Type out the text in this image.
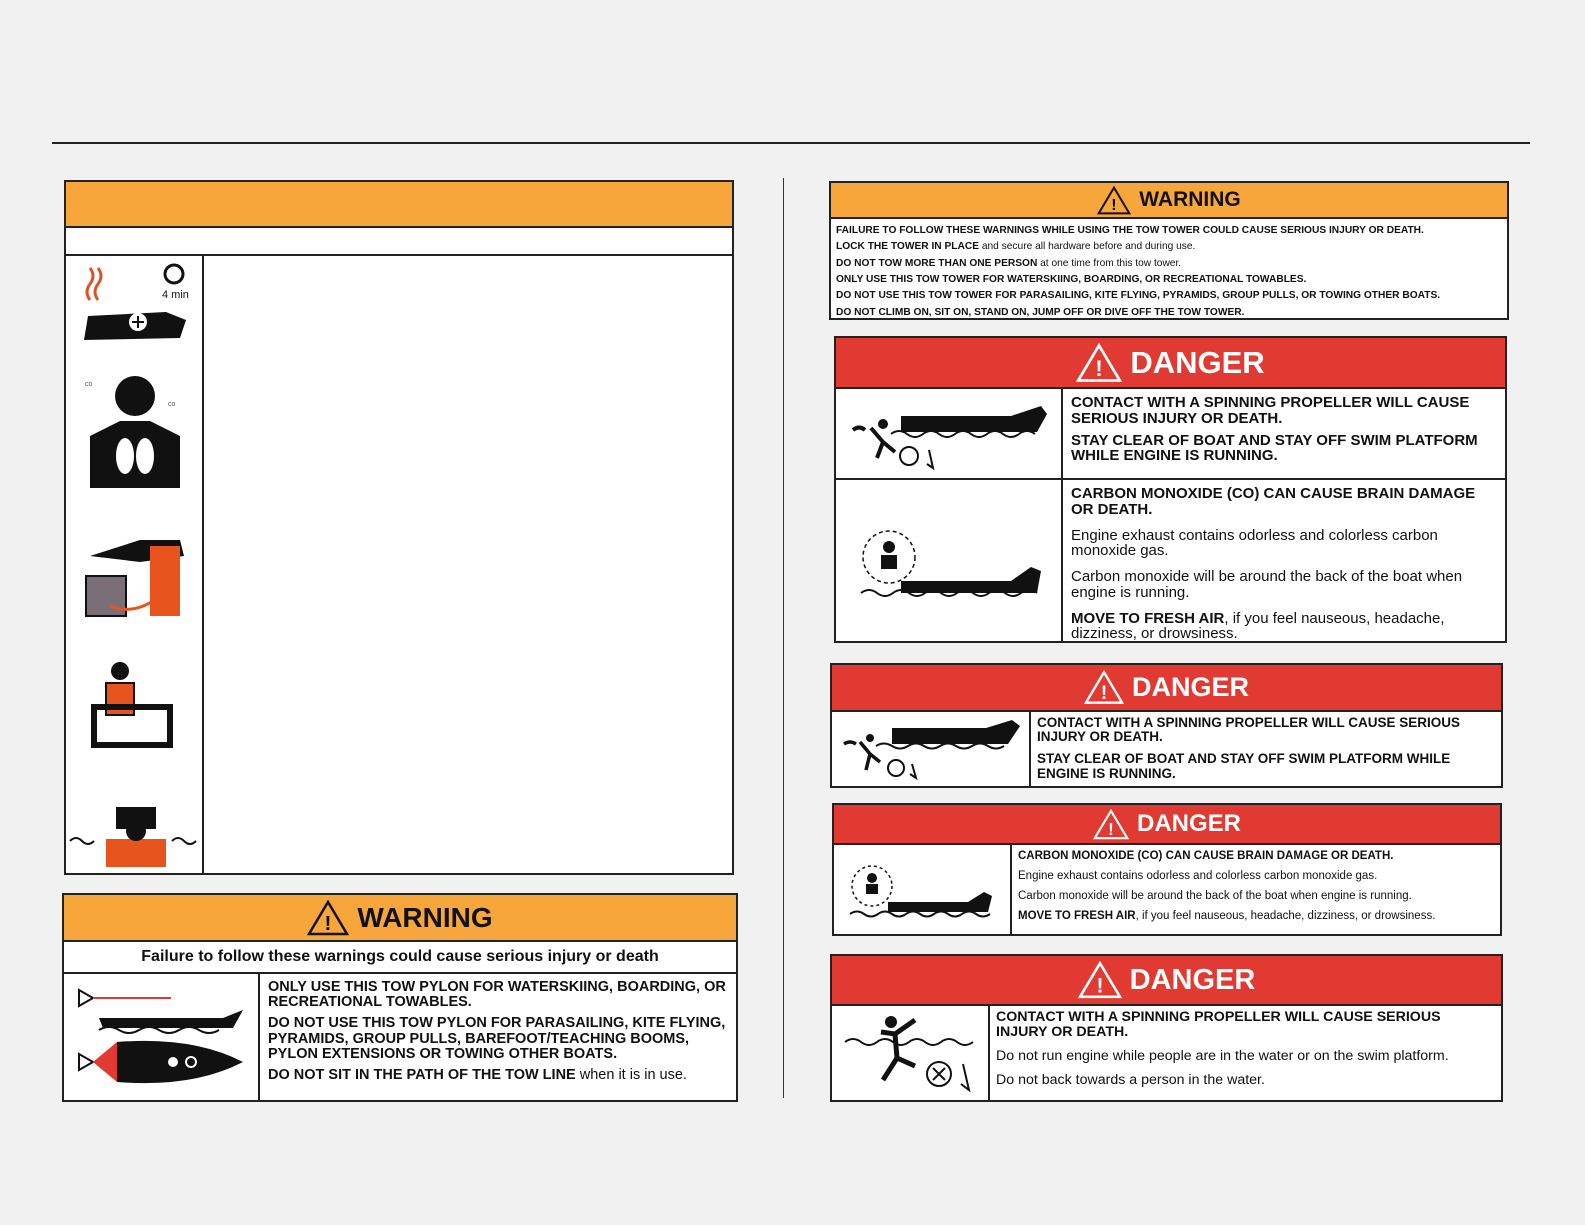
4 min
co
co
! WARNING
Failure to follow these warnings could cause serious injury or death

ONLY USE THIS TOW PYLON FOR WATERSKIING, BOARDING, OR RECREATIONAL TOWABLES.

DO NOT USE THIS TOW PYLON FOR PARASAILING, KITE FLYING, PYRAMIDS, GROUP PULLS, BAREFOOT/TEACHING BOOMS, PYLON EXTENSIONS OR TOWING OTHER BOATS.

DO NOT SIT IN THE PATH OF THE TOW LINE when it is in use.

! WARNING
FAILURE TO FOLLOW THESE WARNINGS WHILE USING THE TOW TOWER COULD CAUSE SERIOUS INJURY OR DEATH.
LOCK THE TOWER IN PLACE and secure all hardware before and during use.
DO NOT TOW MORE THAN ONE PERSON at one time from this tow tower.
ONLY USE THIS TOW TOWER FOR WATERSKIING, BOARDING, OR RECREATIONAL TOWABLES.
DO NOT USE THIS TOW TOWER FOR PARASAILING, KITE FLYING, PYRAMIDS, GROUP PULLS, OR TOWING OTHER BOATS.
DO NOT CLIMB ON, SIT ON, STAND ON, JUMP OFF OR DIVE OFF THE TOW TOWER.
! DANGER

CONTACT WITH A SPINNING PROPELLER WILL CAUSE SERIOUS INJURY OR DEATH.

STAY CLEAR OF BOAT AND STAY OFF SWIM PLATFORM WHILE ENGINE IS RUNNING.

CARBON MONOXIDE (CO) CAN CAUSE BRAIN DAMAGE OR DEATH.

Engine exhaust contains odorless and colorless carbon monoxide gas.

Carbon monoxide will be around the back of the boat when engine is running.

MOVE TO FRESH AIR, if you feel nauseous, headache, dizziness, or drowsiness.

! DANGER

CONTACT WITH A SPINNING PROPELLER WILL CAUSE SERIOUS INJURY OR DEATH.

STAY CLEAR OF BOAT AND STAY OFF SWIM PLATFORM WHILE ENGINE IS RUNNING.

! DANGER

CARBON MONOXIDE (CO) CAN CAUSE BRAIN DAMAGE OR DEATH.

Engine exhaust contains odorless and colorless carbon monoxide gas.

Carbon monoxide will be around the back of the boat when engine is running.

MOVE TO FRESH AIR, if you feel nauseous, headache, dizziness, or drowsiness.

! DANGER

CONTACT WITH A SPINNING PROPELLER WILL CAUSE SERIOUS INJURY OR DEATH.

Do not run engine while people are in the water or on the swim platform.

Do not back towards a person in the water.
